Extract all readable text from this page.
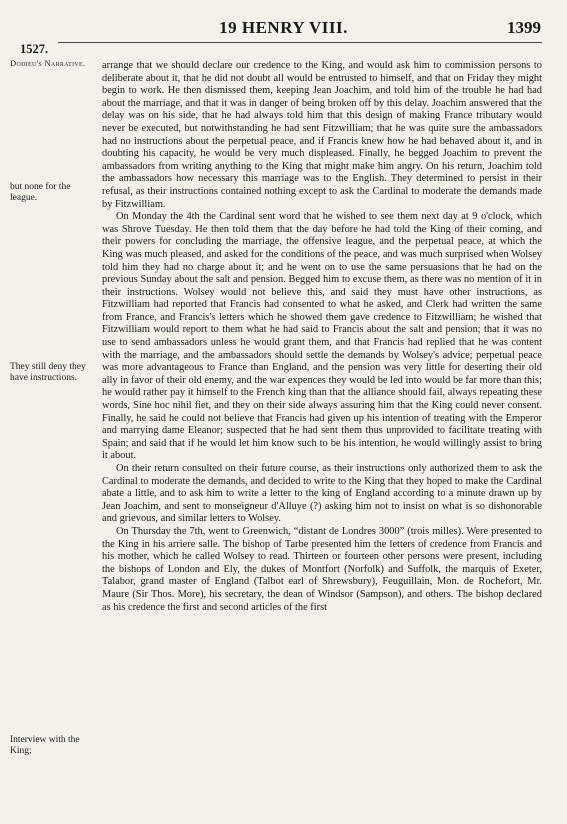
19 HENRY VIII.	1399
1527.
Dodieu's Narrative.
but none for the league.
They still deny they have instructions.
Interview with the King;

arrange that we should declare our credence to the King, and would ask him to commission persons to deliberate about it, that he did not doubt all would be entrusted to himself, and that on Friday they might begin to work. He then dismissed them, keeping Jean Joachim, and told him of the trouble he had had about the marriage, and that it was in danger of being broken off by this delay. Joachim answered that the delay was on his side, that he had always told him that this design of making France tributary would never be executed, but notwithstanding he had sent Fitzwilliam; that he was quite sure the ambassadors had no instructions about the perpetual peace, and if Francis knew how he had behaved about it, and in doubting his capacity, he would be very much displeased. Finally, he begged Joachim to prevent the ambassadors from writing anything to the King that might make him angry. On his return, Joachim told the ambassadors how necessary this marriage was to the English. They determined to persist in their refusal, as their instructions contained nothing except to ask the Cardinal to moderate the demands made by Fitzwilliam.

On Monday the 4th the Cardinal sent word that he wished to see them next day at 9 o'clock, which was Shrove Tuesday. He then told them that the day before he had told the King of their coming, and their powers for concluding the marriage, the offensive league, and the perpetual peace, at which the King was much pleased, and asked for the conditions of the peace, and was much surprised when Wolsey told him they had no charge about it; and he went on to use the same persuasions that he had on the previous Sunday about the salt and pension. Begged him to excuse them, as there was no mention of it in their instructions. Wolsey would not believe this, and said they must have other instructions, as Fitzwilliam had reported that Francis had consented to what he asked, and Clerk had written the same from France, and Francis's letters which he showed them gave credence to Fitzwilliam; he wished that Fitzwilliam would report to them what he had said to Francis about the salt and pension; that it was no use to send ambassadors unless he would grant them, and that Francis had replied that he was content with the marriage, and the ambassadors should settle the demands by Wolsey's advice; perpetual peace was more advantageous to France than England, and the pension was very little for deserting their old ally in favor of their old enemy, and the war expences they would be led into would be far more than this; he would rather pay it himself to the French king than that the alliance should fail, always repeating these words, Sine hoc nihil fiet, and they on their side always assuring him that the King could never consent. Finally, he said he could not believe that Francis had given up his intention of treating with the Emperor and marrying dame Eleanor; suspected that he had sent them thus unprovided to facilitate treating with Spain; and said that if he would let him know such to be his intention, he would willingly assist to bring it about.

On their return consulted on their future course, as their instructions only authorized them to ask the Cardinal to moderate the demands, and decided to write to the King that they hoped to make the Cardinal abate a little, and to ask him to write a letter to the king of England according to a minute drawn up by Jean Joachim, and sent to monseigneur d'Alluye (?) asking him not to insist on what is so dishonorable and grievous, and similar letters to Wolsey.

On Thursday the 7th, went to Greenwich, “distant de Londres 3000” (trois milles). Were presented to the King in his arriere salle. The bishop of Tarbe presented him the letters of credence from Francis and his mother, which he called Wolsey to read. Thirteen or fourteen other persons were present, including the bishops of London and Ely, the dukes of Montfort (Norfolk) and Suffolk, the marquis of Exeter, Talabor, grand master of England (Talbot earl of Shrewsbury), Feuguillain, Mon. de Rochefort, Mr. Maure (Sir Thos. More), his secretary, the dean of Windsor (Sampson), and others. The bishop declared as his credence the first and second articles of the first
